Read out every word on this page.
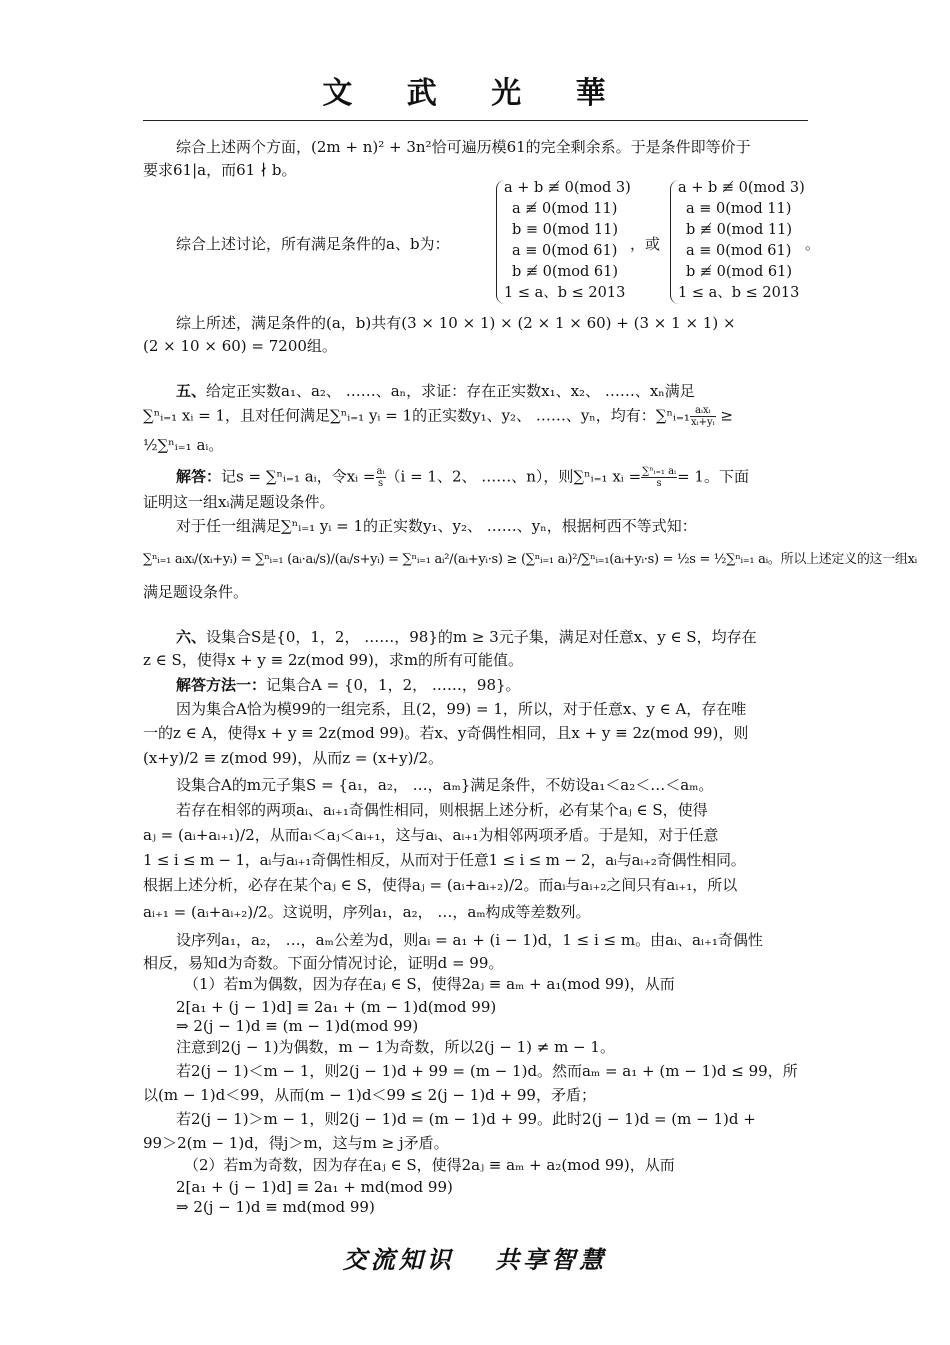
文 武 光 華
综合上述两个方面，(2m + n)² + 3n²恰可遍历模61的完全剩余系。于是条件即等价于
要求61|a，而61 ∤ b。
综合上述讨论，所有满足条件的a、b为：
a + b ≢ 0(mod 3)
a ≢ 0(mod 11)
b ≡ 0(mod 11)
a ≡ 0(mod 61)
b ≢ 0(mod 61)
1 ≤ a、b ≤ 2013
，或
a + b ≢ 0(mod 3)
a ≡ 0(mod 11)
b ≢ 0(mod 11)
a ≡ 0(mod 61)
b ≢ 0(mod 61)
1 ≤ a、b ≤ 2013
。
综上所述，满足条件的(a，b)共有(3 × 10 × 1) × (2 × 1 × 60) + (3 × 1 × 1) ×
(2 × 10 × 60) = 7200组。
五、给定正实数a₁、a₂、 ……、aₙ，求证：存在正实数x₁、x₂、 ……、xₙ满足
∑ⁿᵢ₌₁ xᵢ = 1，且对任何满足∑ⁿᵢ₌₁ yᵢ = 1的正实数y₁、y₂、 ……、yₙ，均有：∑ⁿᵢ₌₁ aᵢxᵢ
xᵢ+yᵢ ≥
½∑ⁿᵢ₌₁ aᵢ。
解答：记s = ∑ⁿᵢ₌₁ aᵢ，令xᵢ = $\frac{\text{aᵢ}}{s} (i = 1$、2、 ……、n），则∑ⁿᵢ₌₁ xᵢ = $\frac{\text{∑ⁿᵢ₌₁ aᵢ}}{s} = 1$。下面
证明这一组xᵢ满足题设条件。
对于任一组满足∑ⁿᵢ₌₁ yᵢ = 1的正实数y₁、y₂、 ……、yₙ，根据柯西不等式知：
∑ⁿᵢ₌₁ aᵢxᵢ/(xᵢ+yᵢ) = ∑ⁿᵢ₌₁ (aᵢ·aᵢ/s)/(aᵢ/s+yᵢ) = ∑ⁿᵢ₌₁ aᵢ²/(aᵢ+yᵢ·s) ≥ (∑ⁿᵢ₌₁ aᵢ)²/∑ⁿᵢ₌₁(aᵢ+yᵢ·s) = ½s = ½∑ⁿᵢ₌₁ aᵢ。所以上述定义的这一组xᵢ
满足题设条件。
六、设集合S是{0，1，2， ……，98}的m ≥ 3元子集，满足对任意x、y ∈ S，均存在
z ∈ S，使得x + y ≡ 2z(mod 99)，求m的所有可能值。
解答方法一：记集合A = {0，1，2， ……，98}。
因为集合A恰为模99的一组完系，且(2，99) = 1，所以，对于任意x、y ∈ A，存在唯
一的z ∈ A，使得x + y ≡ 2z(mod 99)。若x、y奇偶性相同，且x + y ≡ 2z(mod 99)，则
(x+y)/2 ≡ z(mod 99)，从而z = (x+y)/2。
设集合A的m元子集S = {a₁，a₂， …，aₘ}满足条件，不妨设a₁＜a₂＜…＜aₘ。
若存在相邻的两项aᵢ、aᵢ₊₁奇偶性相同，则根据上述分析，必有某个aⱼ ∈ S，使得
aⱼ = (aᵢ+aᵢ₊₁)/2，从而aᵢ＜aⱼ＜aᵢ₊₁，这与aᵢ、aᵢ₊₁为相邻两项矛盾。于是知，对于任意
1 ≤ i ≤ m − 1，aᵢ与aᵢ₊₁奇偶性相反，从而对于任意1 ≤ i ≤ m − 2，aᵢ与aᵢ₊₂奇偶性相同。
根据上述分析，必存在某个aⱼ ∈ S，使得aⱼ = (aᵢ+aᵢ₊₂)/2。而aᵢ与aᵢ₊₂之间只有aᵢ₊₁，所以
aᵢ₊₁ = (aᵢ+aᵢ₊₂)/2。这说明，序列a₁，a₂， …，aₘ构成等差数列。
设序列a₁，a₂， …，aₘ公差为d，则aᵢ = a₁ + (i − 1)d，1 ≤ i ≤ m。由aᵢ、aᵢ₊₁奇偶性
相反，易知d为奇数。下面分情况讨论，证明d = 99。
（1）若m为偶数，因为存在aⱼ ∈ S，使得2aⱼ ≡ aₘ + a₁(mod 99)，从而
2[a₁ + (j − 1)d] ≡ 2a₁ + (m − 1)d(mod 99)
⇒ 2(j − 1)d ≡ (m − 1)d(mod 99)
注意到2(j − 1)为偶数，m − 1为奇数，所以2(j − 1) ≠ m − 1。
若2(j − 1)＜m − 1，则2(j − 1)d + 99 = (m − 1)d。然而aₘ = a₁ + (m − 1)d ≤ 99，所
以(m − 1)d＜99，从而(m − 1)d＜99 ≤ 2(j − 1)d + 99，矛盾；
若2(j − 1)＞m − 1，则2(j − 1)d = (m − 1)d + 99。此时2(j − 1)d = (m − 1)d +
99＞2(m − 1)d，得j＞m，这与m ≥ j矛盾。
（2）若m为奇数，因为存在aⱼ ∈ S，使得2aⱼ ≡ aₘ + a₂(mod 99)，从而
2[a₁ + (j − 1)d] ≡ 2a₁ + md(mod 99)
⇒ 2(j − 1)d ≡ md(mod 99)
交流知识　 共享智慧
